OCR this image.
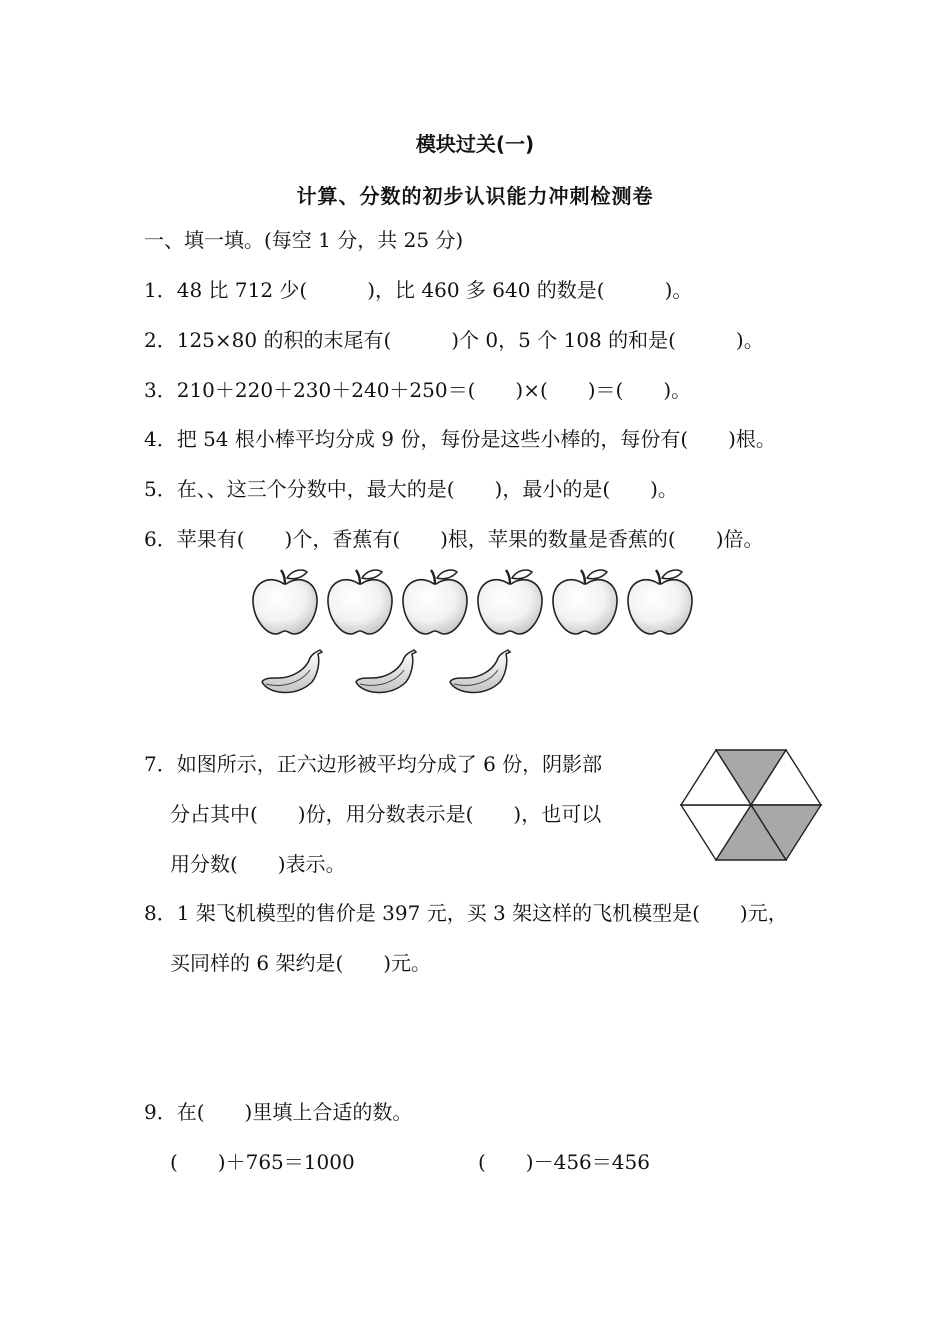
模块过关(一)
计算、分数的初步认识能力冲刺检测卷
一、填一填。(每空 1 分，共 25 分)
1．48 比 712 少(　　　)，比 460 多 640 的数是(　　　)。
2．125×80 的积的末尾有(　　　)个 0，5 个 108 的和是(　　　)。
3．210＋220＋230＋240＋250＝(　　)×(　　)＝(　　)。
4．把 54 根小棒平均分成 9 份，每份是这些小棒的，每份有(　　)根。
5．在、、这三个分数中，最大的是(　　)，最小的是(　　)。
6．苹果有(　　)个，香蕉有(　　)根，苹果的数量是香蕉的(　　)倍。
7．如图所示，正六边形被平均分成了 6 份，阴影部
分占其中(　　)份，用分数表示是(　　)，也可以
用分数(　　)表示。
8．1 架飞机模型的售价是 397 元，买 3 架这样的飞机模型是(　　)元，
买同样的 6 架约是(　　)元。
9．在(　　)里填上合适的数。
(　　)＋765＝1000	(　　)－456＝456
